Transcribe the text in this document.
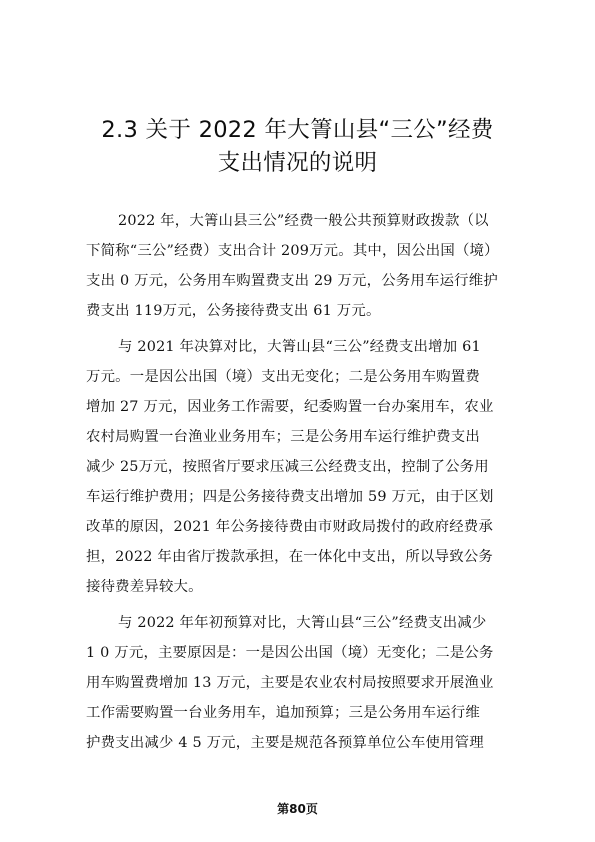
2.3 关于 2022 年大箐山县“三公”经费
支出情况的说明
2022 年，大箐山县三公”经费一般公共预算财政拨款（以
下简称“三公”经费）支出合计 209万元。其中，因公出国（境）
支出 0 万元，公务用车购置费支出 29 万元，公务用车运行维护
费支出 119万元，公务接待费支出 61 万元。
与 2021 年决算对比，大箐山县“三公”经费支出增加 61
万元。一是因公出国（境）支出无变化；二是公务用车购置费
增加 27 万元，因业务工作需要，纪委购置一台办案用车，农业
农村局购置一台渔业业务用车；三是公务用车运行维护费支出
减少 25万元，按照省厅要求压减三公经费支出，控制了公务用
车运行维护费用；四是公务接待费支出增加 59 万元，由于区划
改革的原因，2021 年公务接待费由市财政局拨付的政府经费承
担，2022 年由省厅拨款承担，在一体化中支出，所以导致公务
接待费差异较大。
与 2022 年年初预算对比，大箐山县“三公”经费支出减少
1 0 万元，主要原因是：一是因公出国（境）无变化；二是公务
用车购置费增加 13 万元，主要是农业农村局按照要求开展渔业
工作需要购置一台业务用车，追加预算；三是公务用车运行维
护费支出减少 4 5 万元，主要是规范各预算单位公车使用管理
第80页
